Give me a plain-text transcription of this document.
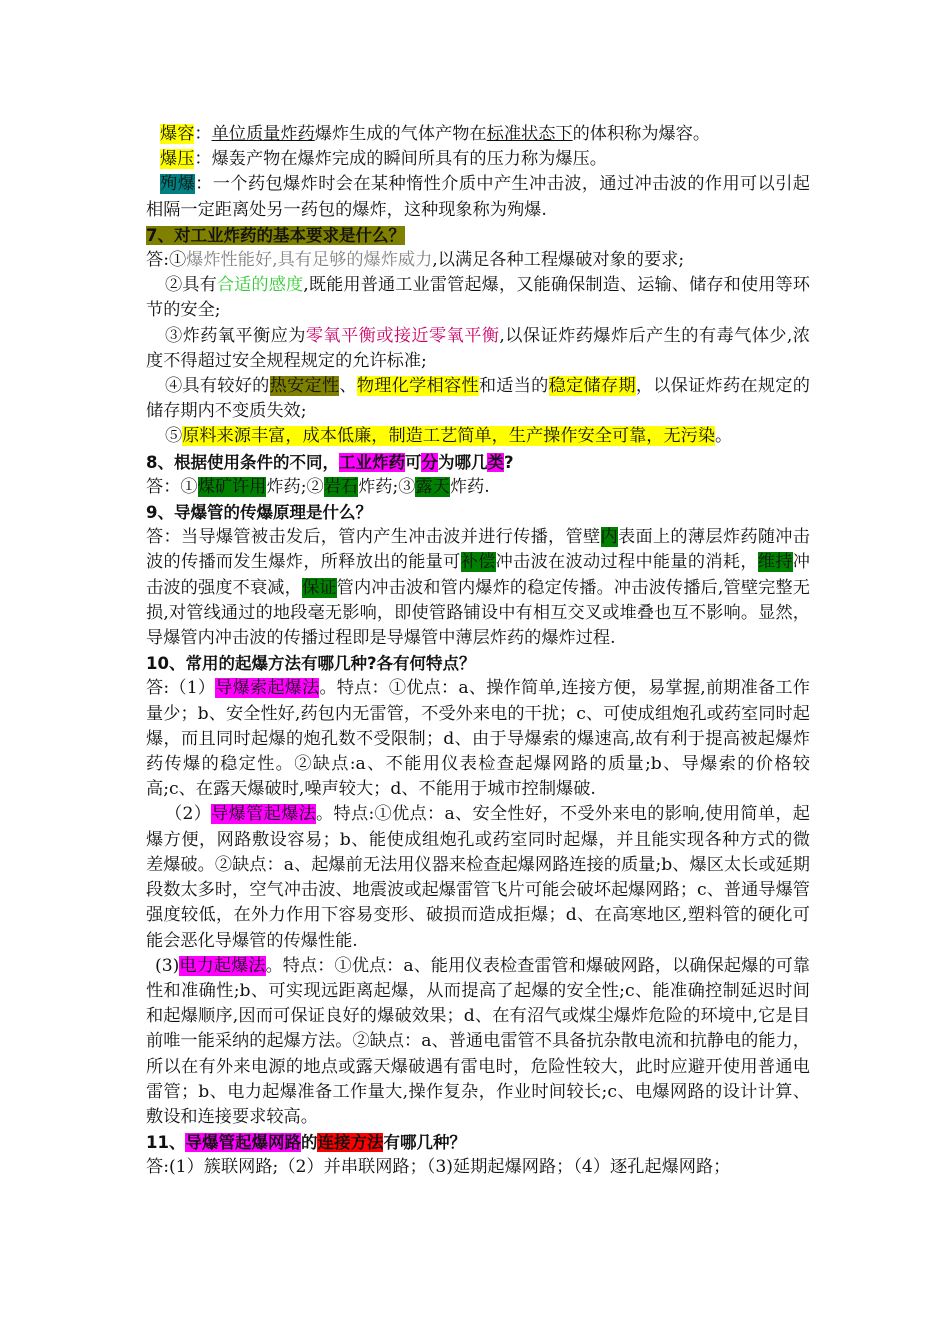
爆容：单位质量炸药爆炸生成的气体产物在标准状态下的体积称为爆容。

爆压：爆轰产物在爆炸完成的瞬间所具有的压力称为爆压。

殉爆：一个药包爆炸时会在某种惰性介质中产生冲击波，通过冲击波的作用可以引起相隔一定距离处另一药包的爆炸，这种现象称为殉爆.

7、对工业炸药的基本要求是什么？

答:①爆炸性能好,具有足够的爆炸威力,以满足各种工程爆破对象的要求;

②具有合适的感度,既能用普通工业雷管起爆，又能确保制造、运输、储存和使用等环节的安全;

③炸药氧平衡应为零氧平衡或接近零氧平衡,以保证炸药爆炸后产生的有毒气体少,浓度不得超过安全规程规定的允许标准;

④具有较好的热安定性、物理化学相容性和适当的稳定储存期，以保证炸药在规定的储存期内不变质失效;

⑤原料来源丰富，成本低廉，制造工艺简单，生产操作安全可靠，无污染。

8、根据使用条件的不同，工业炸药可分为哪几类?

答：①煤矿许用炸药;②岩石炸药;③露天炸药.

9、导爆管的传爆原理是什么？

答：当导爆管被击发后，管内产生冲击波并进行传播，管壁内表面上的薄层炸药随冲击波的传播而发生爆炸，所释放出的能量可补偿冲击波在波动过程中能量的消耗，维持冲击波的强度不衰减，保证管内冲击波和管内爆炸的稳定传播。冲击波传播后,管壁完整无损,对管线通过的地段毫无影响，即使管路铺设中有相互交叉或堆叠也互不影响。显然，导爆管内冲击波的传播过程即是导爆管中薄层炸药的爆炸过程.

10、常用的起爆方法有哪几种?各有何特点？

答:（1）导爆索起爆法。特点：①优点：a、操作简单,连接方便，易掌握,前期准备工作量少；b、安全性好,药包内无雷管，不受外来电的干扰；c、可使成组炮孔或药室同时起爆，而且同时起爆的炮孔数不受限制；d、由于导爆索的爆速高,故有利于提高被起爆炸药传爆的稳定性。②缺点:a、不能用仪表检查起爆网路的质量;b、导爆索的价格较高;c、在露天爆破时,噪声较大；d、不能用于城市控制爆破.

（2）导爆管起爆法。特点:①优点：a、安全性好，不受外来电的影响,使用简单，起爆方便，网路敷设容易；b、能使成组炮孔或药室同时起爆，并且能实现各种方式的微差爆破。②缺点：a、起爆前无法用仪器来检查起爆网路连接的质量;b、爆区太长或延期段数太多时，空气冲击波、地震波或起爆雷管飞片可能会破坏起爆网路；c、普通导爆管强度较低，在外力作用下容易变形、破损而造成拒爆；d、在高寒地区,塑料管的硬化可能会恶化导爆管的传爆性能.

(3)电力起爆法。特点：①优点：a、能用仪表检查雷管和爆破网路，以确保起爆的可靠性和准确性;b、可实现远距离起爆，从而提高了起爆的安全性;c、能准确控制延迟时间和起爆顺序,因而可保证良好的爆破效果；d、在有沼气或煤尘爆炸危险的环境中,它是目前唯一能采纳的起爆方法。②缺点：a、普通电雷管不具备抗杂散电流和抗静电的能力，所以在有外来电源的地点或露天爆破遇有雷电时，危险性较大，此时应避开使用普通电雷管；b、电力起爆准备工作量大,操作复杂，作业时间较长;c、电爆网路的设计计算、敷设和连接要求较高。

11、导爆管起爆网路的连接方法有哪几种？

答:(1）簇联网路;（2）并串联网路；（3)延期起爆网路；（4）逐孔起爆网路；
